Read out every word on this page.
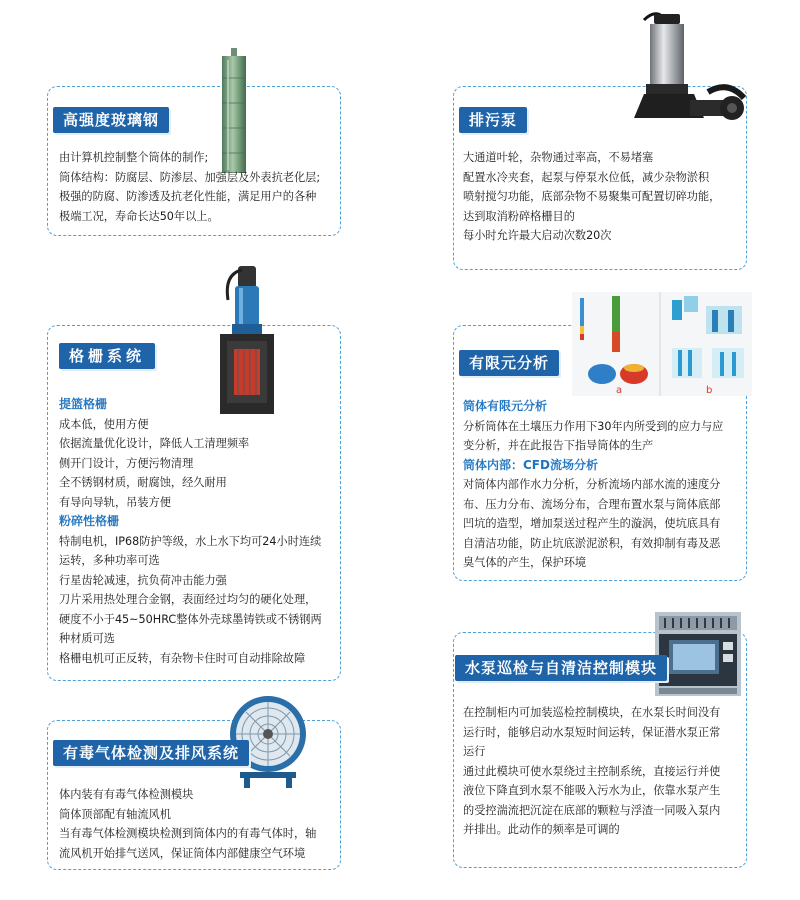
高强度玻璃钢

由计算机控制整个筒体的制作;

筒体结构：防腐层、防渗层、加强层及外表抗老化层;

极强的防腐、防渗透及抗老化性能，满足用户的各种

极端工况，寿命长达50年以上。

格栅系统

提篮格栅

成本低，使用方便

依据流量优化设计，降低人工清理频率

侧开门设计，方便污物清理

全不锈钢材质，耐腐蚀，经久耐用

有导向导轨，吊装方便

粉碎性格栅

特制电机，IP68防护等级，水上水下均可24小时连续

运转，多种功率可选

行星齿轮减速，抗负荷冲击能力强

刀片采用热处理合金钢，表面经过均匀的硬化处理，

硬度不小于45~50HRC整体外壳球墨铸铁或不锈钢两

种材质可选

格栅电机可正反转，有杂物卡住时可自动排除故障

有毒气体检测及排风系统

体内装有有毒气体检测模块

筒体顶部配有轴流风机

当有毒气体检测模块检测到筒体内的有毒气体时，轴

流风机开始排气送风，保证筒体内部健康空气环境

排污泵

大通道叶轮，杂物通过率高，不易堵塞

配置水冷夹套，起泵与停泵水位低，减少杂物淤积

喷射搅匀功能，底部杂物不易聚集可配置切碎功能，

达到取消粉碎格栅目的

每小时允许最大启动次数20次

a	b
有限元分析

筒体有限元分析

分析筒体在土壤压力作用下30年内所受到的应力与应

变分析，并在此报告下指导筒体的生产

筒体内部：CFD流场分析

对筒体内部作水力分析，分析流场内部水流的速度分

布、压力分布、流场分布，合理布置水泵与筒体底部

凹坑的造型，增加泵送过程产生的漩涡，使坑底具有

自清洁功能，防止坑底淤泥淤积，有效抑制有毒及恶

臭气体的产生，保护环境

水泵巡检与自清洁控制模块

在控制柜内可加装巡检控制模块，在水泵长时间没有

运行时，能够启动水泵短时间运转，保证潜水泵正常

运行

通过此模块可使水泵绕过主控制系统，直接运行并使

液位下降直到水泵不能吸入污水为止，依靠水泵产生

的受控湍流把沉淀在底部的颗粒与浮渣一同吸入泵内

并排出。此动作的频率是可调的
